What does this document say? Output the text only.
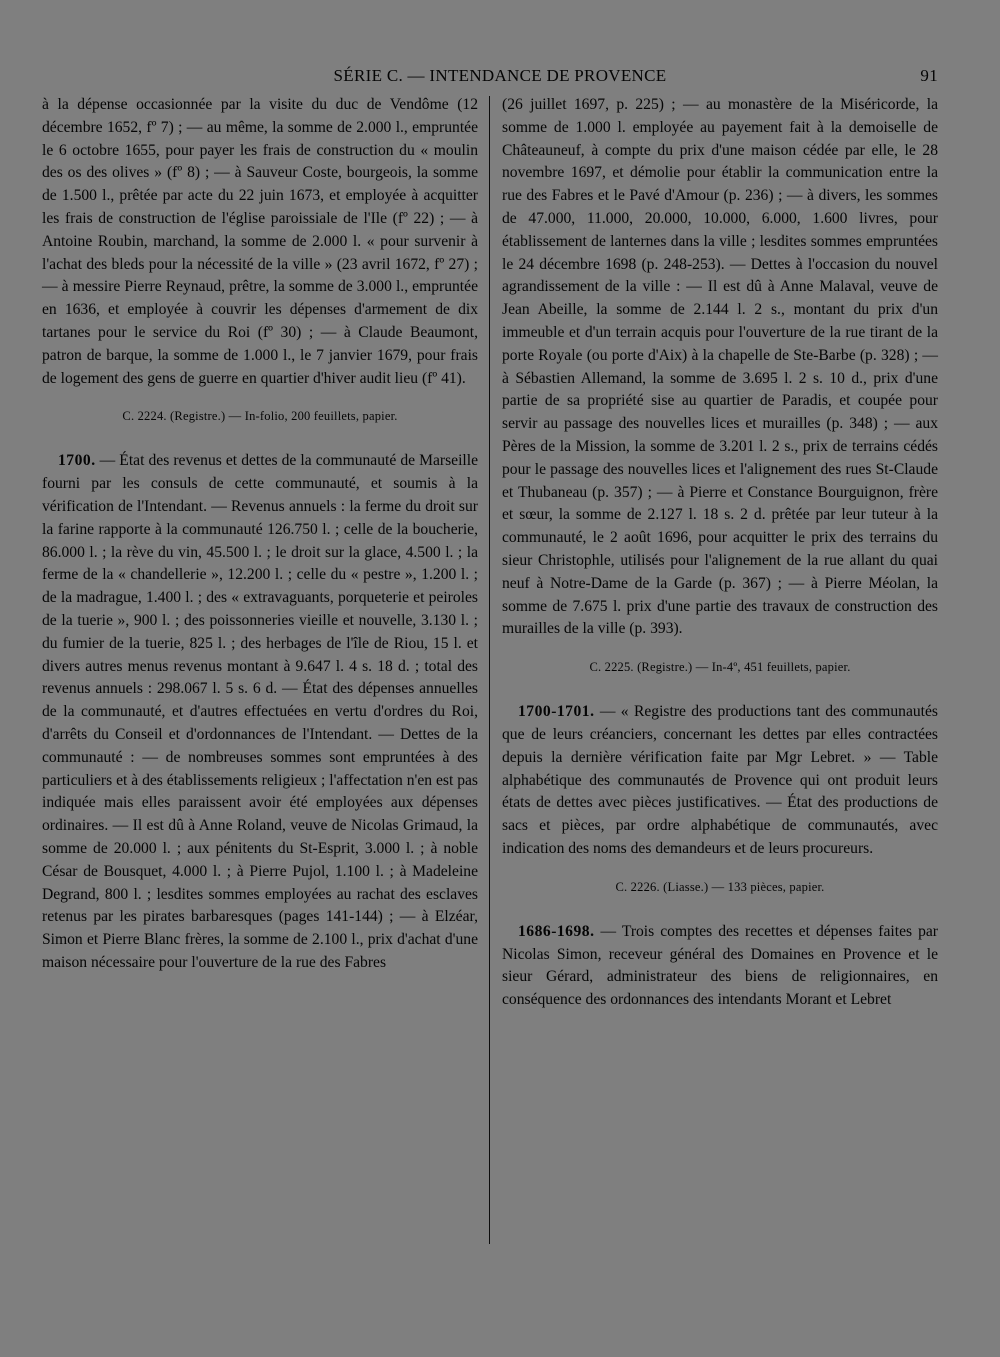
SÉRIE C. — INTENDANCE DE PROVENCE	91

à la dépense occasionnée par la visite du duc de Vendôme (12 décembre 1652, fº 7) ; — au même, la somme de 2.000 l., empruntée le 6 octobre 1655, pour payer les frais de construction du « moulin des os des olives » (fº 8) ; — à Sauveur Coste, bourgeois, la somme de 1.500 l., prêtée par acte du 22 juin 1673, et employée à acquitter les frais de construction de l'église paroissiale de l'Ile (fº 22) ; — à Antoine Roubin, marchand, la somme de 2.000 l. « pour survenir à l'achat des bleds pour la nécessité de la ville » (23 avril 1672, fº 27) ; — à messire Pierre Reynaud, prêtre, la somme de 3.000 l., empruntée en 1636, et employée à couvrir les dépenses d'armement de dix tartanes pour le service du Roi (fº 30) ; — à Claude Beaumont, patron de barque, la somme de 1.000 l., le 7 janvier 1679, pour frais de logement des gens de guerre en quartier d'hiver audit lieu (fº 41).

C. 2224. (Registre.) — In-folio, 200 feuillets, papier.

1700. — État des revenus et dettes de la communauté de Marseille fourni par les consuls de cette communauté, et soumis à la vérification de l'Intendant. — Revenus annuels : la ferme du droit sur la farine rapporte à la communauté 126.750 l. ; celle de la boucherie, 86.000 l. ; la rève du vin, 45.500 l. ; le droit sur la glace, 4.500 l. ; la ferme de la « chandellerie », 12.200 l. ; celle du « pestre », 1.200 l. ; de la madrague, 1.400 l. ; des « extravaguants, porqueterie et peiroles de la tuerie », 900 l. ; des poissonneries vieille et nouvelle, 3.130 l. ; du fumier de la tuerie, 825 l. ; des herbages de l'île de Riou, 15 l. et divers autres menus revenus montant à 9.647 l. 4 s. 18 d. ; total des revenus annuels : 298.067 l. 5 s. 6 d. — État des dépenses annuelles de la communauté, et d'autres effectuées en vertu d'ordres du Roi, d'arrêts du Conseil et d'ordonnances de l'Intendant. — Dettes de la communauté : — de nombreuses sommes sont empruntées à des particuliers et à des établissements religieux ; l'affectation n'en est pas indiquée mais elles paraissent avoir été employées aux dépenses ordinaires. — Il est dû à Anne Roland, veuve de Nicolas Grimaud, la somme de 20.000 l. ; aux pénitents du St-Esprit, 3.000 l. ; à noble César de Bousquet, 4.000 l. ; à Pierre Pujol, 1.100 l. ; à Madeleine Degrand, 800 l. ; lesdites sommes employées au rachat des esclaves retenus par les pirates barbaresques (pages 141-144) ; — à Elzéar, Simon et Pierre Blanc frères, la somme de 2.100 l., prix d'achat d'une maison nécessaire pour l'ouverture de la rue des Fabres

(26 juillet 1697, p. 225) ; — au monastère de la Miséricorde, la somme de 1.000 l. employée au payement fait à la demoiselle de Châteauneuf, à compte du prix d'une maison cédée par elle, le 28 novembre 1697, et démolie pour établir la communication entre la rue des Fabres et le Pavé d'Amour (p. 236) ; — à divers, les sommes de 47.000, 11.000, 20.000, 10.000, 6.000, 1.600 livres, pour établissement de lanternes dans la ville ; lesdites sommes empruntées le 24 décembre 1698 (p. 248-253). — Dettes à l'occasion du nouvel agrandissement de la ville : — Il est dû à Anne Malaval, veuve de Jean Abeille, la somme de 2.144 l. 2 s., montant du prix d'un immeuble et d'un terrain acquis pour l'ouverture de la rue tirant de la porte Royale (ou porte d'Aix) à la chapelle de Ste-Barbe (p. 328) ; — à Sébastien Allemand, la somme de 3.695 l. 2 s. 10 d., prix d'une partie de sa propriété sise au quartier de Paradis, et coupée pour servir au passage des nouvelles lices et murailles (p. 348) ; — aux Pères de la Mission, la somme de 3.201 l. 2 s., prix de terrains cédés pour le passage des nouvelles lices et l'alignement des rues St-Claude et Thubaneau (p. 357) ; — à Pierre et Constance Bourguignon, frère et sœur, la somme de 2.127 l. 18 s. 2 d. prêtée par leur tuteur à la communauté, le 2 août 1696, pour acquitter le prix des terrains du sieur Christophle, utilisés pour l'alignement de la rue allant du quai neuf à Notre-Dame de la Garde (p. 367) ; — à Pierre Méolan, la somme de 7.675 l. prix d'une partie des travaux de construction des murailles de la ville (p. 393).

C. 2225. (Registre.) — In-4º, 451 feuillets, papier.

1700-1701. — « Registre des productions tant des communautés que de leurs créanciers, concernant les dettes par elles contractées depuis la dernière vérification faite par Mgr Lebret. » — Table alphabétique des communautés de Provence qui ont produit leurs états de dettes avec pièces justificatives. — État des productions de sacs et pièces, par ordre alphabétique de communautés, avec indication des noms des demandeurs et de leurs procureurs.

C. 2226. (Liasse.) — 133 pièces, papier.

1686-1698. — Trois comptes des recettes et dépenses faites par Nicolas Simon, receveur général des Domaines en Provence et le sieur Gérard, administrateur des biens de religionnaires, en conséquence des ordonnances des intendants Morant et Lebret
